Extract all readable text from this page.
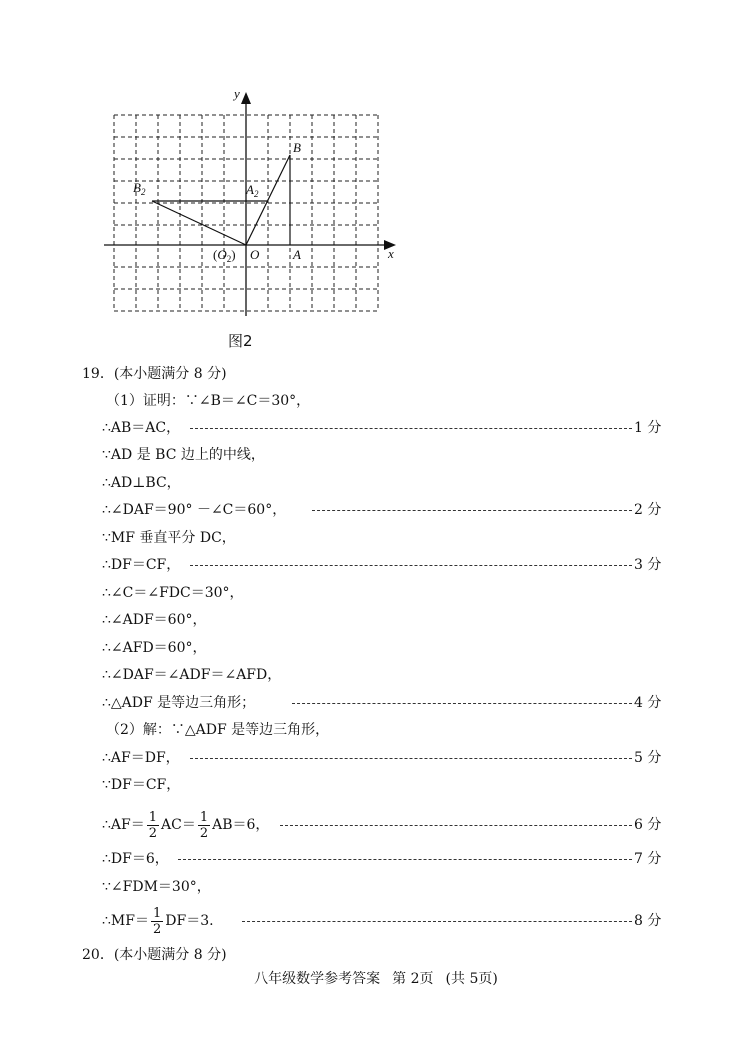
y
x
B
$B_2$	$A_2$
$(O_2)$ O	A
图2
19．(本小题满分 8 分)
（1）证明：∵∠B＝∠C＝30°，
∴AB＝AC，	1 分
∵AD 是 BC 边上的中线，
∴AD⊥BC，
∴∠DAF＝90° －∠C＝60°，	2 分
∵MF 垂直平分 DC，
∴DF＝CF，	3 分
∴∠C＝∠FDC＝30°，
∴∠ADF＝60°，
∴∠AFD＝60°，
∴∠DAF＝∠ADF＝∠AFD，
∴△ADF 是等边三角形；	4 分
（2）解：∵△ADF 是等边三角形，
∴AF＝DF，	5 分
∵DF＝CF，
∴AF＝ $\frac{1}{2} AC= \frac{1}{2} AB=6$，	6 分
∴DF＝6，	7 分
∵∠FDM＝30°，
∴MF＝ $\frac{1}{2} DF=3$.	8 分
20．(本小题满分 8 分)
八年级数学参考答案 第 2页 (共 5页)
